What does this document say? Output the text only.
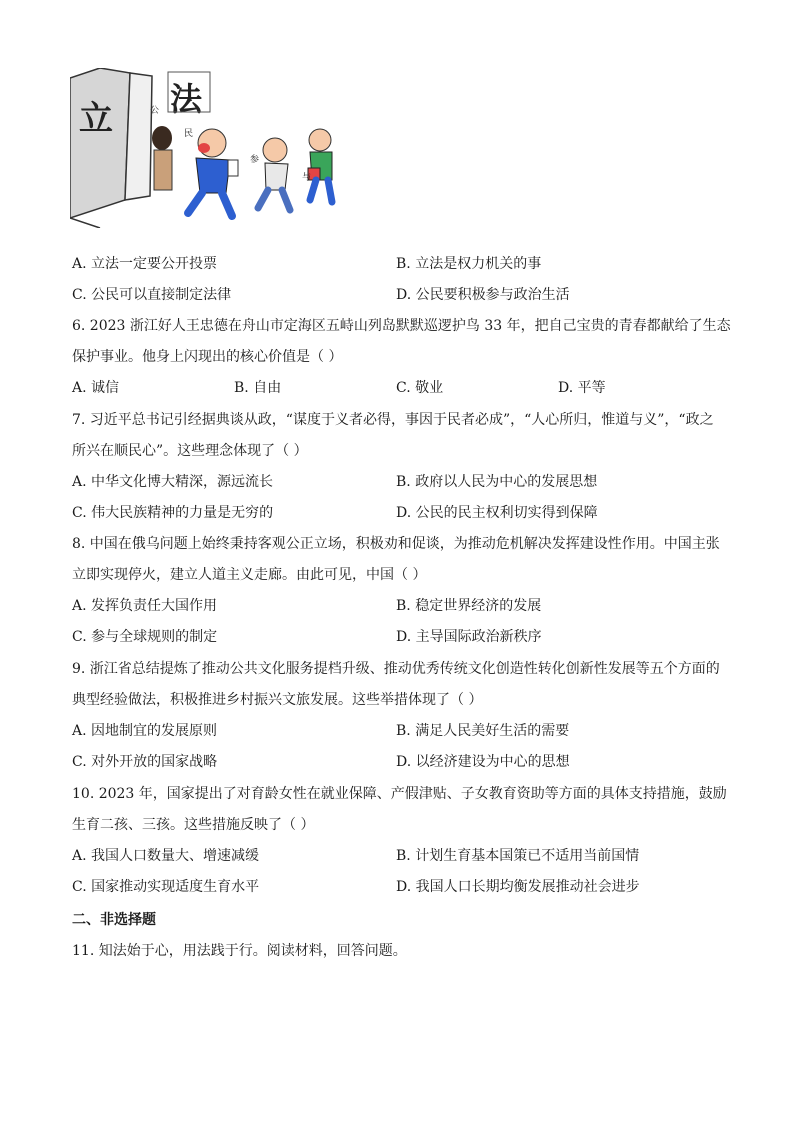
立 法
公
民
参
与
A. 立法一定要公开投票	B. 立法是权力机关的事
C. 公民可以直接制定法律	D. 公民要积极参与政治生活
6. 2023 浙江好人王忠德在舟山市定海区五峙山列岛默默巡逻护鸟 33 年，把自己宝贵的青春都献给了生态
保护事业。他身上闪现出的核心价值是（ ）
A. 诚信	B. 自由	C. 敬业	D. 平等
7. 习近平总书记引经据典谈从政，“谋度于义者必得，事因于民者必成”，“人心所归，惟道与义”，“政之
所兴在顺民心”。这些理念体现了（ ）
A. 中华文化博大精深，源远流长	B. 政府以人民为中心的发展思想
C. 伟大民族精神的力量是无穷的	D. 公民的民主权利切实得到保障
8. 中国在俄乌问题上始终秉持客观公正立场，积极劝和促谈，为推动危机解决发挥建设性作用。中国主张
立即实现停火，建立人道主义走廊。由此可见，中国（ ）
A. 发挥负责任大国作用	B. 稳定世界经济的发展
C. 参与全球规则的制定	D. 主导国际政治新秩序
9. 浙江省总结提炼了推动公共文化服务提档升级、推动优秀传统文化创造性转化创新性发展等五个方面的
典型经验做法，积极推进乡村振兴文旅发展。这些举措体现了（ ）
A. 因地制宜的发展原则	B. 满足人民美好生活的需要
C. 对外开放的国家战略	D. 以经济建设为中心的思想
10. 2023 年，国家提出了对育龄女性在就业保障、产假津贴、子女教育资助等方面的具体支持措施，鼓励
生育二孩、三孩。这些措施反映了（ ）
A. 我国人口数量大、增速减缓	B. 计划生育基本国策已不适用当前国情
C. 国家推动实现适度生育水平	D. 我国人口长期均衡发展推动社会进步
二、非选择题
11. 知法始于心，用法践于行。阅读材料，回答问题。
